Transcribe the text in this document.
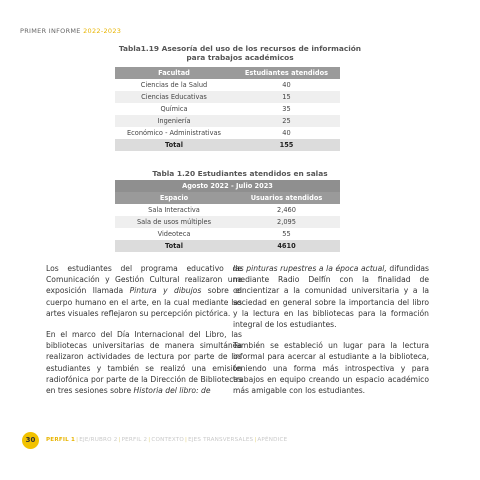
PRIMER INFORME 2022-2023
Tabla1.19 Asesoría del uso de los recursos de información
para trabajos académicos
Facultad	Estudiantes atendidos
Ciencias de la Salud	40
Ciencias Educativas	15
Química	35
Ingeniería	25
Económico - Administrativas	40
Total	155
Tabla 1.20 Estudiantes atendidos en salas
Agosto 2022 - Julio 2023	
Espacio	Usuarios atendidos
Sala Interactiva	2,460
Sala de usos múltiples	2,095
Videoteca	55
Total	4610

Los estudiantes del programa educativo de Comunicación y Gestión Cultural realizaron una exposición llamada Pintura y dibujos sobre el cuerpo humano en el arte, en la cual mediante las artes visuales reflejaron su percepción pictórica.

En el marco del Día Internacional del Libro, las bibliotecas universitarias de manera simultánea realizaron actividades de lectura por parte de los estudiantes y también se realizó una emisión radiofónica por parte de la Dirección de Bibliotecas en tres sesiones sobre Historia del libro: de

las pinturas rupestres a la época actual, difundidas mediante Radio Delfín con la finalidad de concientizar a la comunidad universitaria y a la sociedad en general sobre la importancia del libro y la lectura en las bibliotecas para la formación integral de los estudiantes.

También se estableció un lugar para la lectura informal para acercar al estudiante a la biblioteca, teniendo una forma más introspectiva y para trabajos en equipo creando un espacio académico más amigable con los estudiantes.

30	PERFIL 1|EJE/RUBRO 2|PERFIL 2|CONTEXTO|EJES TRANSVERSALES|APÉNDICE
